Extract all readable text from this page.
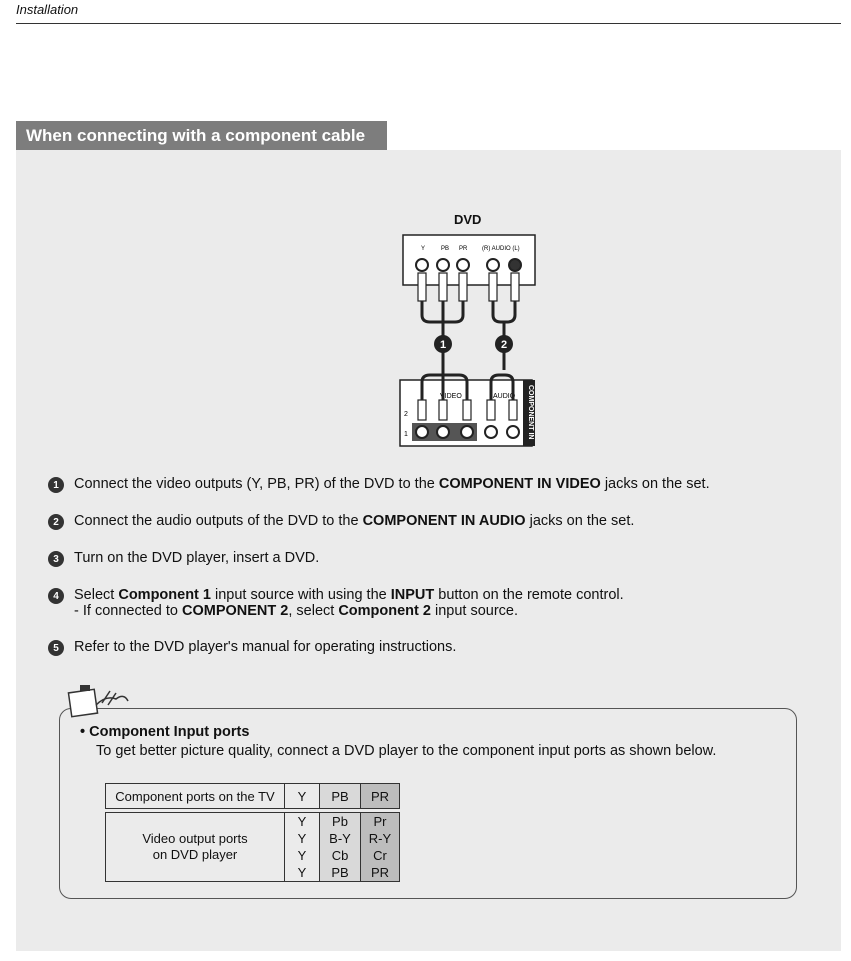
Installation
When connecting with a component cable
DVD
Y	PB PR (R) AUDIO (L)
1	2
COMPONENT IN
VIDEO	AUDIO
2
1
1	Connect the video outputs (Y, PB, PR) of the DVD to the COMPONENT IN VIDEO jacks on the set.
2	Connect the audio outputs of the DVD to the COMPONENT IN AUDIO jacks on the set.
3	Turn on the DVD player, insert a DVD.
4	Select Component 1 input source with using the INPUT button on the remote control.
- If connected to COMPONENT 2, select Component 2 input source.
5	Refer to the DVD player's manual for operating instructions.
• Component Input ports
To get better picture quality, connect a DVD player to the component input ports as shown below.
Component ports on the TV	Y	PB	PR
Video output ports
on DVD player	Y	Pb	Pr
	Y	B-Y	R-Y
	Y	Cb	Cr
	Y	PB	PR
